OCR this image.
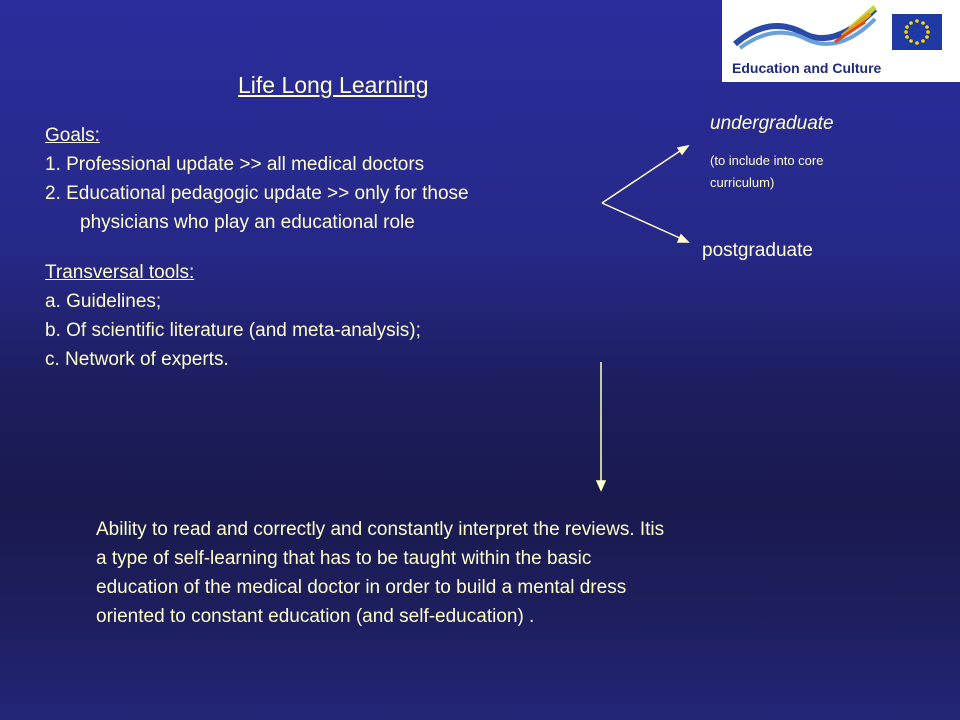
Education and Culture
Life Long Learning
Goals:
1. Professional update >> all medical doctors
2. Educational pedagogic update >> only for those
physicians who play an educational role
Transversal tools:
a. Guidelines;
b. Of scientific literature (and meta-analysis);
c. Network of experts.
undergraduate
(to include into core
curriculum)
postgraduate
Ability to read and correctly and constantly interpret the reviews. Itis
a type of self-learning that has to be taught within the basic
education of the medical doctor in order to build a mental dress
oriented to constant education (and self-education) .
